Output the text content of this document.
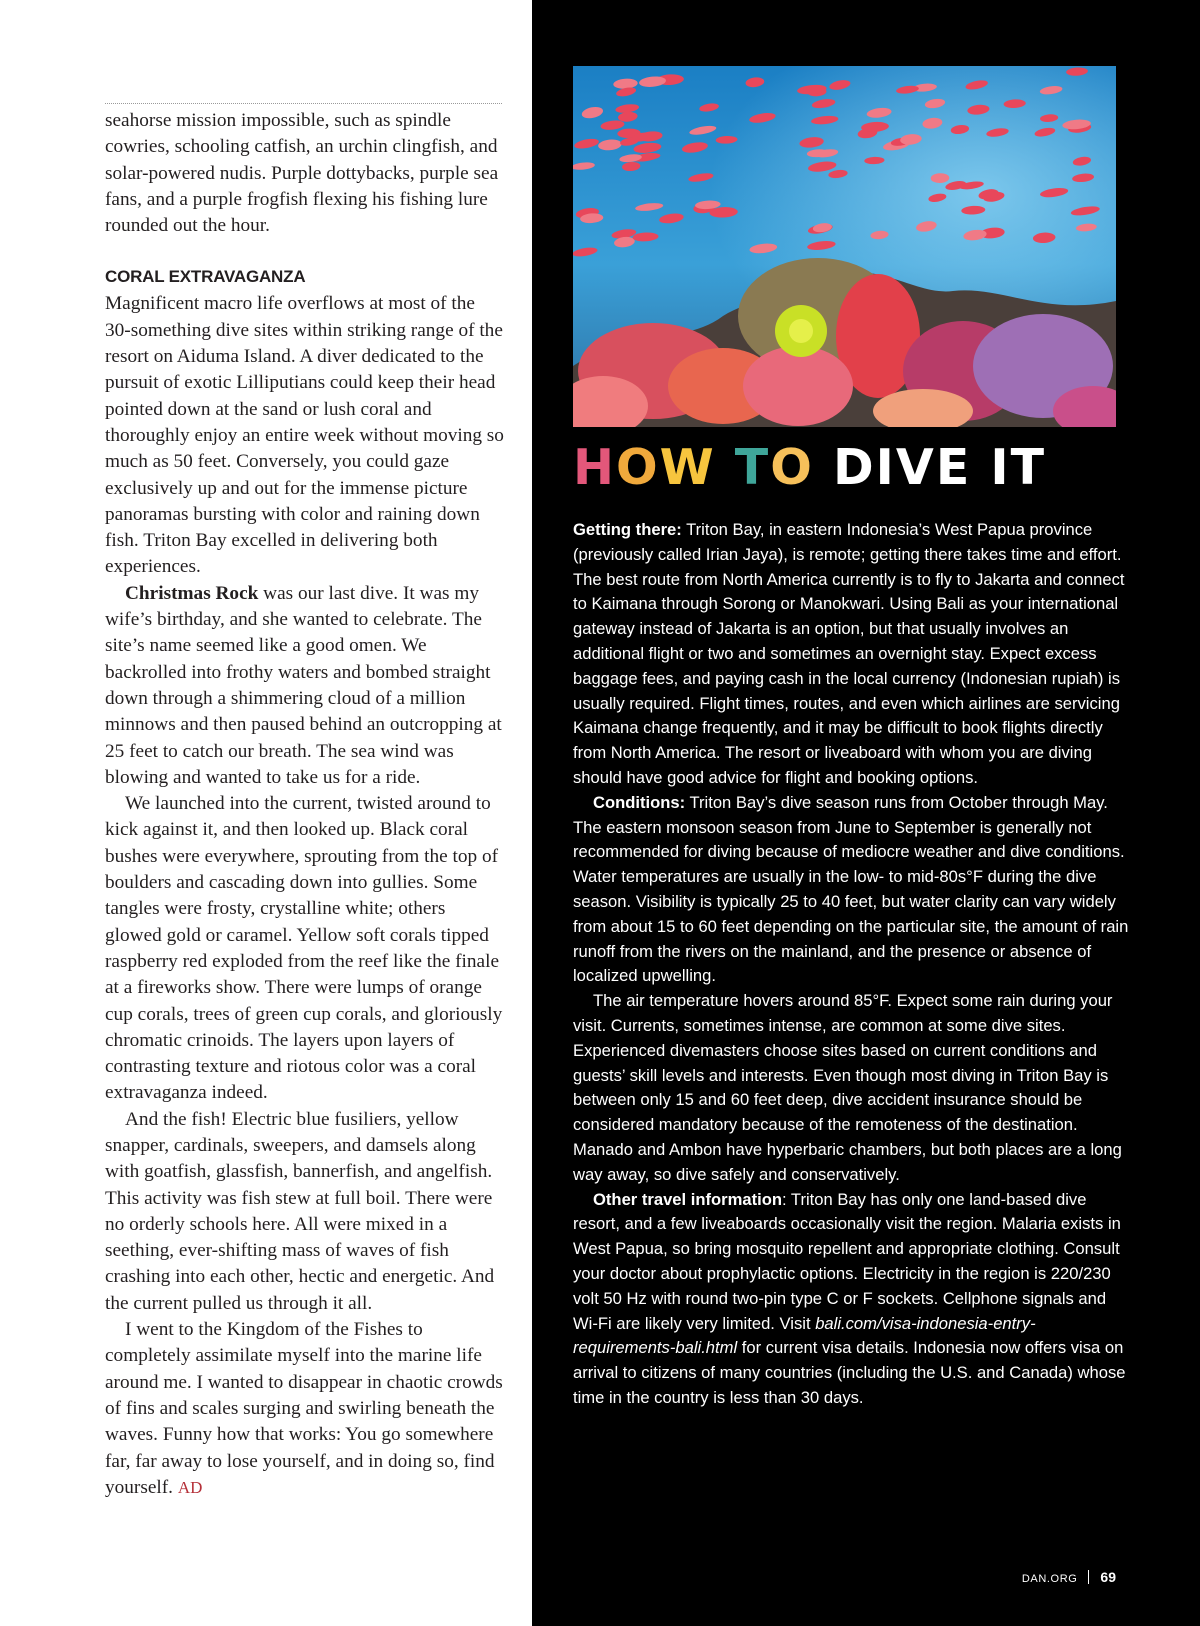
seahorse mission impossible, such as spindle cowries, schooling catfish, an urchin clingfish, and solar-powered nudis. Purple dottybacks, purple sea fans, and a purple frogfish flexing his fishing lure rounded out the hour.

CORAL EXTRAVAGANZA

Magnificent macro life overflows at most of the 30-something dive sites within striking range of the resort on Aiduma Island. A diver dedicated to the pursuit of exotic Lilliputians could keep their head pointed down at the sand or lush coral and thoroughly enjoy an entire week without moving so much as 50 feet. Conversely, you could gaze exclusively up and out for the immense picture panoramas bursting with color and raining down fish. Triton Bay excelled in delivering both experiences.

Christmas Rock was our last dive. It was my wife’s birthday, and she wanted to celebrate. The site’s name seemed like a good omen. We backrolled into frothy waters and bombed straight down through a shimmering cloud of a million minnows and then paused behind an outcropping at 25 feet to catch our breath. The sea wind was blowing and wanted to take us for a ride.

We launched into the current, twisted around to kick against it, and then looked up. Black coral bushes were everywhere, sprouting from the top of boulders and cascading down into gullies. Some tangles were frosty, crystalline white; others glowed gold or caramel. Yellow soft corals tipped raspberry red exploded from the reef like the finale at a fireworks show. There were lumps of orange cup corals, trees of green cup corals, and gloriously chromatic crinoids. The layers upon layers of contrasting texture and riotous color was a coral extravaganza indeed.

And the fish! Electric blue fusiliers, yellow snapper, cardinals, sweepers, and damsels along with goatfish, glassfish, bannerfish, and angelfish. This activity was fish stew at full boil. There were no orderly schools here. All were mixed in a seething, ever-shifting mass of waves of fish crashing into each other, hectic and energetic. And the current pulled us through it all.

I went to the Kingdom of the Fishes to completely assimilate myself into the marine life around me. I wanted to disappear in chaotic crowds of fins and scales surging and swirling beneath the waves. Funny how that works: You go somewhere far, far away to lose yourself, and in doing so, find yourself. AD

HOW TO DIVE IT

Getting there: Triton Bay, in eastern Indonesia’s West Papua province (previously called Irian Jaya), is remote; getting there takes time and effort. The best route from North America currently is to fly to Jakarta and connect to Kaimana through Sorong or Manokwari. Using Bali as your international gateway instead of Jakarta is an option, but that usually involves an additional flight or two and sometimes an overnight stay. Expect excess baggage fees, and paying cash in the local currency (Indonesian rupiah) is usually required. Flight times, routes, and even which airlines are servicing Kaimana change frequently, and it may be difficult to book flights directly from North America. The resort or liveaboard with whom you are diving should have good advice for flight and booking options.

Conditions: Triton Bay’s dive season runs from October through May. The eastern monsoon season from June to September is generally not recommended for diving because of mediocre weather and dive conditions. Water temperatures are usually in the low- to mid-80s°F during the dive season. Visibility is typically 25 to 40 feet, but water clarity can vary widely from about 15 to 60 feet depending on the particular site, the amount of rain runoff from the rivers on the mainland, and the presence or absence of localized upwelling.

The air temperature hovers around 85°F. Expect some rain during your visit. Currents, sometimes intense, are common at some dive sites. Experienced divemasters choose sites based on current conditions and guests’ skill levels and interests. Even though most diving in Triton Bay is between only 15 and 60 feet deep, dive accident insurance should be considered mandatory because of the remoteness of the destination. Manado and Ambon have hyperbaric chambers, but both places are a long way away, so dive safely and conservatively.

Other travel information: Triton Bay has only one land-based dive resort, and a few liveaboards occasionally visit the region. Malaria exists in West Papua, so bring mosquito repellent and appropriate clothing. Consult your doctor about prophylactic options. Electricity in the region is 220/230 volt 50 Hz with round two-pin type C or F sockets. Cellphone signals and Wi-Fi are likely very limited. Visit bali.com/visa-indonesia-entry-requirements-bali.html for current visa details. Indonesia now offers visa on arrival to citizens of many countries (including the U.S. and Canada) whose time in the country is less than 30 days.

DAN.ORG 69
